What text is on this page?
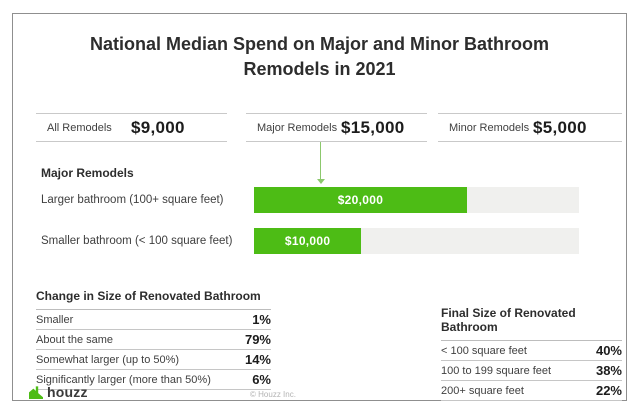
National Median Spend on Major and Minor Bathroom
Remodels in 2021
All Remodels	$9,000	Major Remodels $15,000	Minor Remodels $5,000
Major Remodels
Larger bathroom (100+ square feet)	$20,000
Smaller bathroom (< 100 square feet)	$10,000
Change in Size of Renovated Bathroom
Smaller	1%
About the same	79%
Somewhat larger (up to 50%)	14%
Significantly larger (more than 50%)	6%
Final Size of Renovated Bathroom
< 100 square feet	40%
100 to 199 square feet	38%
200+ square feet	22%
houzz	© Houzz Inc.
